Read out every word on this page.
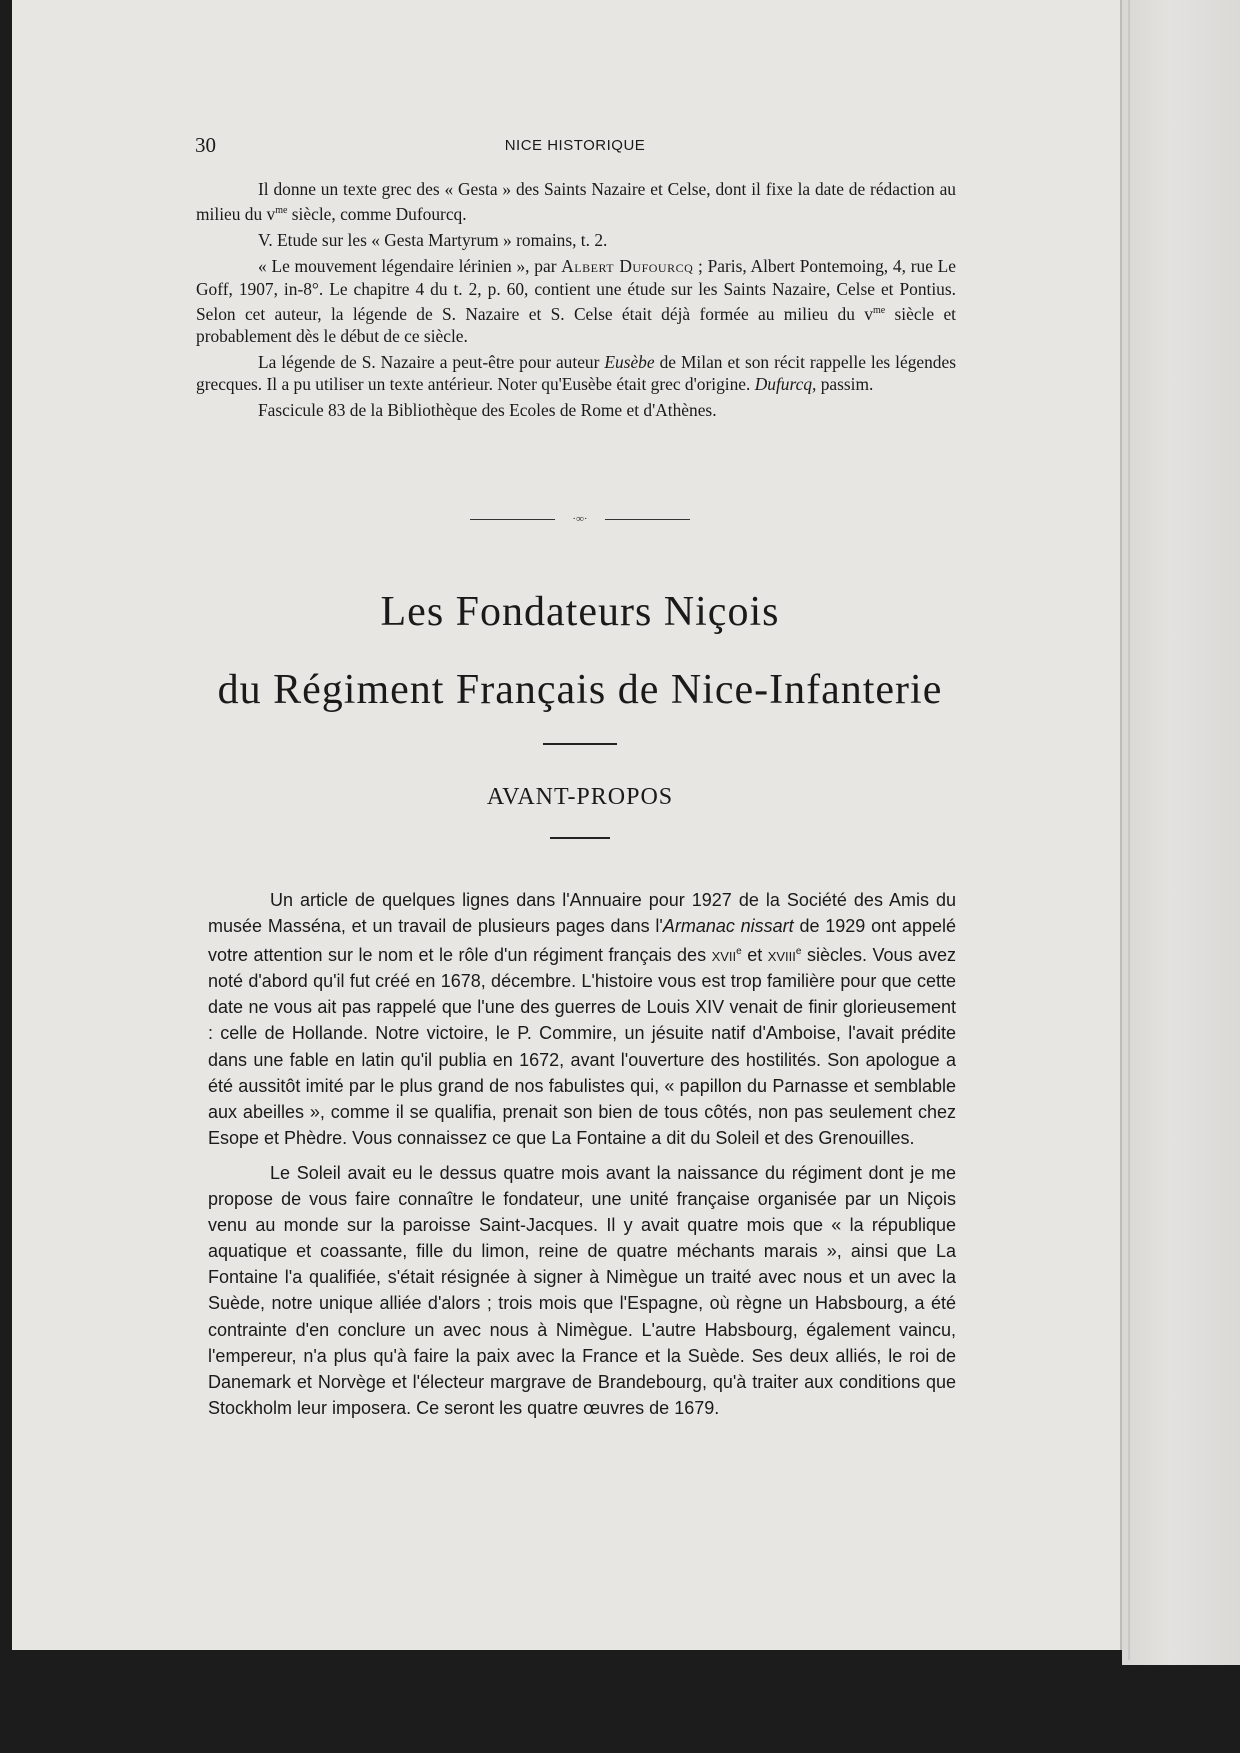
30	NICE HISTORIQUE

Il donne un texte grec des « Gesta » des Saints Nazaire et Celse, dont il fixe la date de rédaction au milieu du $v^{me}$ siècle, comme Dufourcq.

V. Etude sur les « Gesta Martyrum » romains, t. 2.

« Le mouvement légendaire lérinien », par Albert Dufourcq ; Paris, Albert Pontemoing, 4, rue Le Goff, 1907, in-8°. Le chapitre 4 du t. 2, p. 60, contient une étude sur les Saints Nazaire, Celse et Pontius. Selon cet auteur, la légende de S. Nazaire et S. Celse était déjà formée au milieu du $v^{me}$ siècle et probablement dès le début de ce siècle.

La légende de S. Nazaire a peut-être pour auteur Eusèbe de Milan et son récit rappelle les légendes grecques. Il a pu utiliser un texte antérieur. Noter qu'Eusèbe était grec d'origine. Dufurcq, passim.

Fascicule 83 de la Bibliothèque des Ecoles de Rome et d'Athènes.

·∞·
Les Fondateurs Niçois
du Régiment Français de Nice-Infanterie
AVANT-PROPOS

Un article de quelques lignes dans l'Annuaire pour 1927 de la Société des Amis du musée Masséna, et un travail de plusieurs pages dans l'Armanac nissart de 1929 ont appelé votre attention sur le nom et le rôle d'un régiment français des xvii$^e$ et xviii$^e$ siècles. Vous avez noté d'abord qu'il fut créé en 1678, décembre. L'histoire vous est trop familière pour que cette date ne vous ait pas rappelé que l'une des guerres de Louis XIV venait de finir glorieusement : celle de Hollande. Notre victoire, le P. Commire, un jésuite natif d'Amboise, l'avait prédite dans une fable en latin qu'il publia en 1672, avant l'ouverture des hostilités. Son apologue a été aussitôt imité par le plus grand de nos fabulistes qui, « papillon du Parnasse et semblable aux abeilles », comme il se qualifia, prenait son bien de tous côtés, non pas seulement chez Esope et Phèdre. Vous connaissez ce que La Fontaine a dit du Soleil et des Grenouilles.

Le Soleil avait eu le dessus quatre mois avant la naissance du régiment dont je me propose de vous faire connaître le fondateur, une unité française organisée par un Niçois venu au monde sur la paroisse Saint-Jacques. Il y avait quatre mois que « la république aquatique et coassante, fille du limon, reine de quatre méchants marais », ainsi que La Fontaine l'a qualifiée, s'était résignée à signer à Nimègue un traité avec nous et un avec la Suède, notre unique alliée d'alors ; trois mois que l'Espagne, où règne un Habsbourg, a été contrainte d'en conclure un avec nous à Nimègue. L'autre Habsbourg, également vaincu, l'empereur, n'a plus qu'à faire la paix avec la France et la Suède. Ses deux alliés, le roi de Danemark et Norvège et l'électeur margrave de Brandebourg, qu'à traiter aux conditions que Stockholm leur imposera. Ce seront les quatre œuvres de 1679.
